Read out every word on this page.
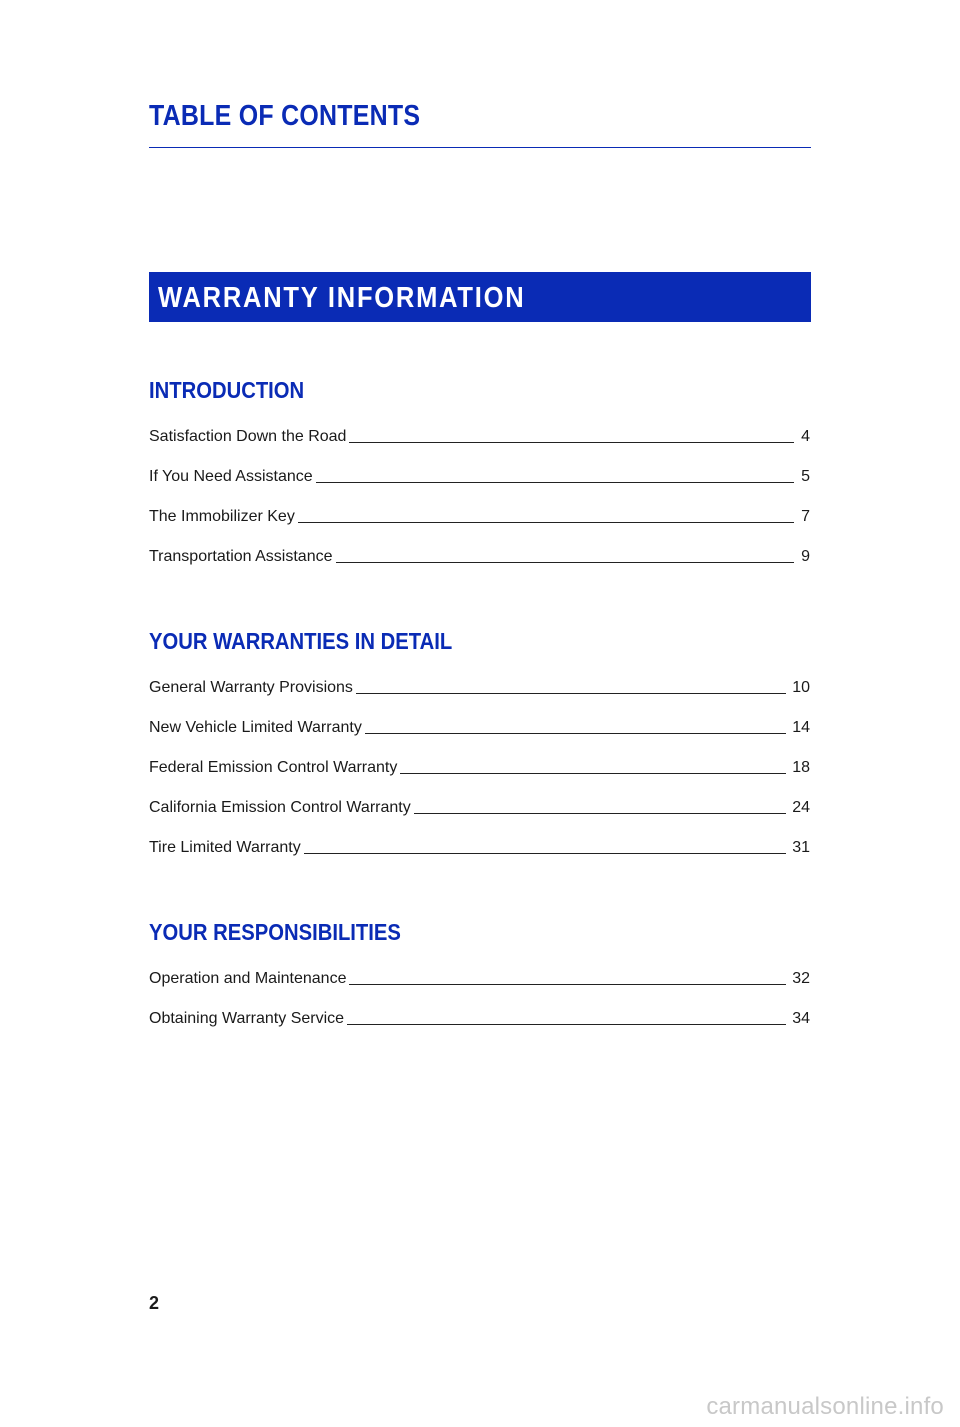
TABLE OF CONTENTS
WARRANTY INFORMATION
INTRODUCTION
Satisfaction Down the Road	4
If You Need Assistance	5
The Immobilizer Key	7
Transportation Assistance	9
YOUR WARRANTIES IN DETAIL
General Warranty Provisions	10
New Vehicle Limited Warranty	14
Federal Emission Control Warranty	18
California Emission Control Warranty	24
Tire Limited Warranty	31
YOUR RESPONSIBILITIES
Operation and Maintenance	32
Obtaining Warranty Service	34
2
carmanualsonline.info
